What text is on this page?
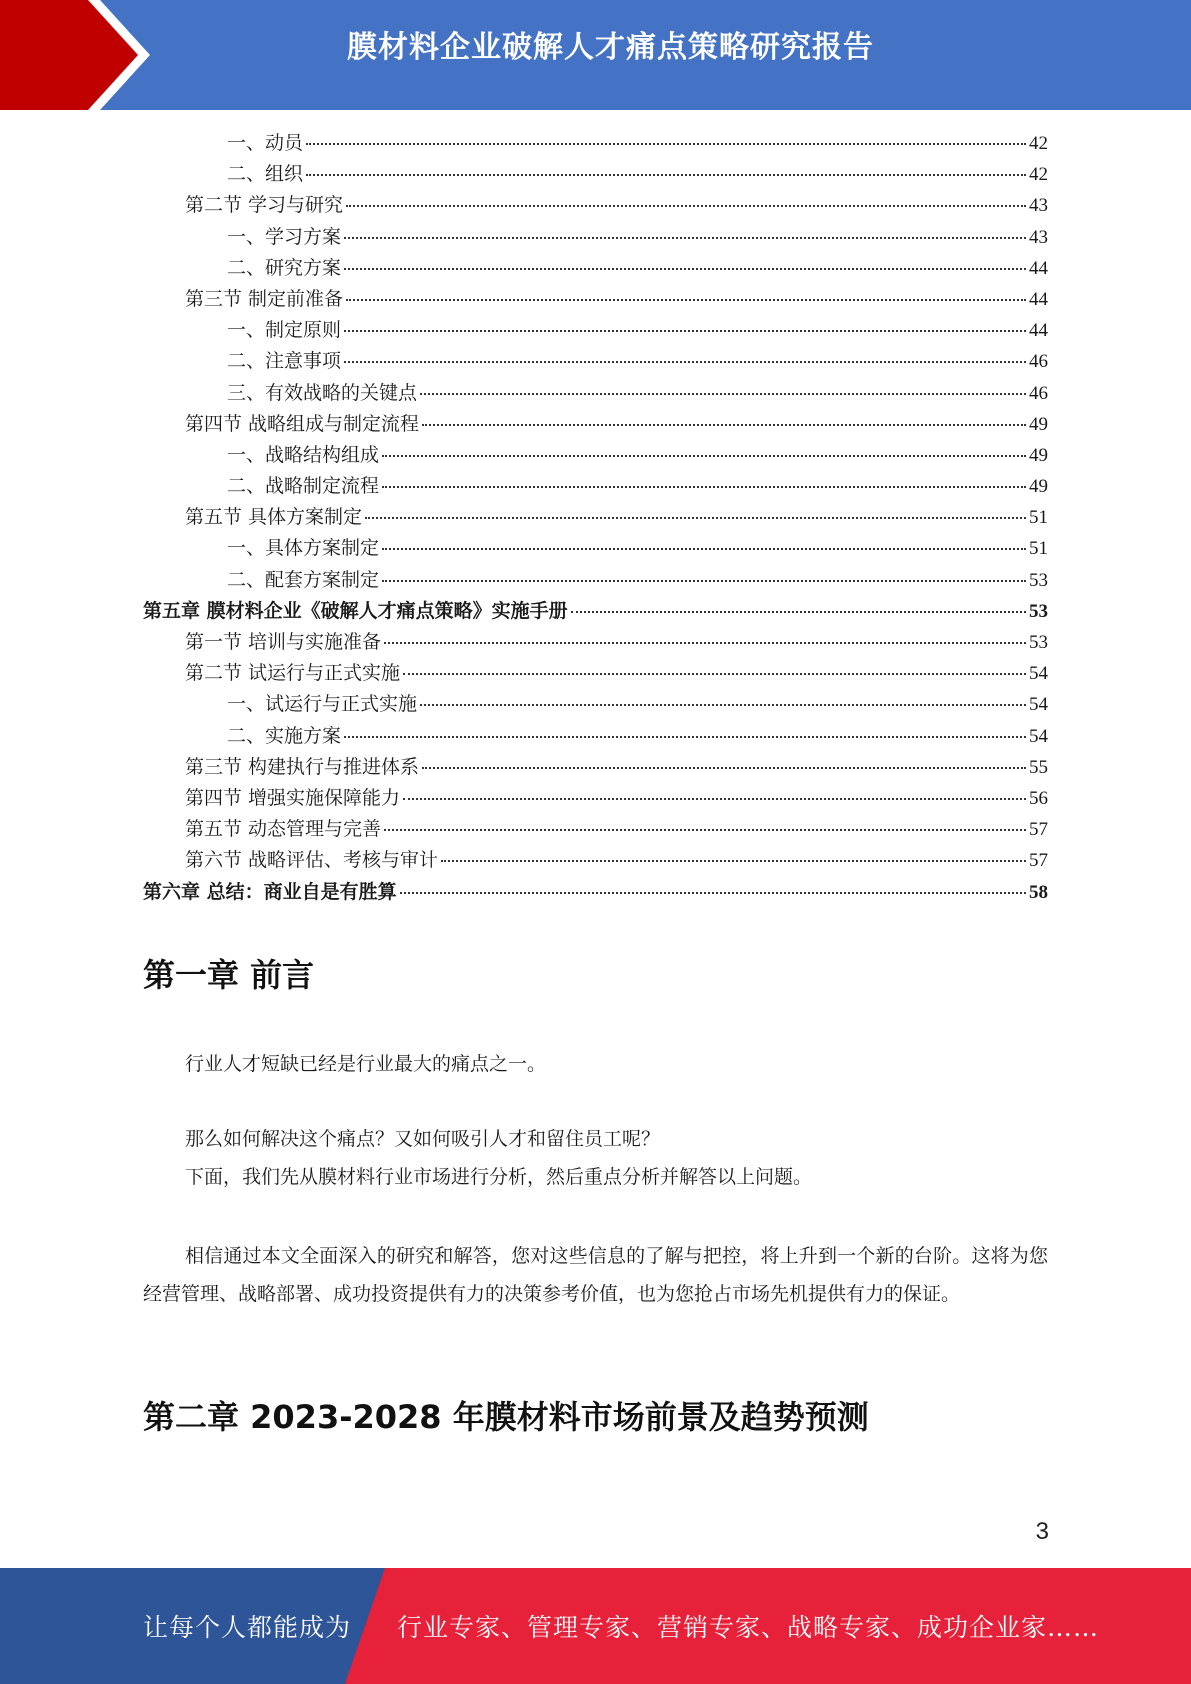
膜材料企业破解人才痛点策略研究报告
一、动员	42
二、组织	42
第二节 学习与研究	43
一、学习方案	43
二、研究方案	44
第三节 制定前准备	44
一、制定原则	44
二、注意事项	46
三、有效战略的关键点	46
第四节 战略组成与制定流程	49
一、战略结构组成	49
二、战略制定流程	49
第五节 具体方案制定	51
一、具体方案制定	51
二、配套方案制定	53
第五章 膜材料企业《破解人才痛点策略》实施手册	53
第一节 培训与实施准备	53
第二节 试运行与正式实施	54
一、试运行与正式实施	54
二、实施方案	54
第三节 构建执行与推进体系	55
第四节 增强实施保障能力	56
第五节 动态管理与完善	57
第六节 战略评估、考核与审计	57
第六章 总结：商业自是有胜算	58
第一章 前言

行业人才短缺已经是行业最大的痛点之一。

那么如何解决这个痛点？又如何吸引人才和留住员工呢？

下面，我们先从膜材料行业市场进行分析，然后重点分析并解答以上问题。

相信通过本文全面深入的研究和解答，您对这些信息的了解与把控，将上升到一个新的台阶。这将为您经营管理、战略部署、成功投资提供有力的决策参考价值，也为您抢占市场先机提供有力的保证。

第二章 2023-2028 年膜材料市场前景及趋势预测
3
让每个人都能成为 行业专家、管理专家、营销专家、战略专家、成功企业家……
